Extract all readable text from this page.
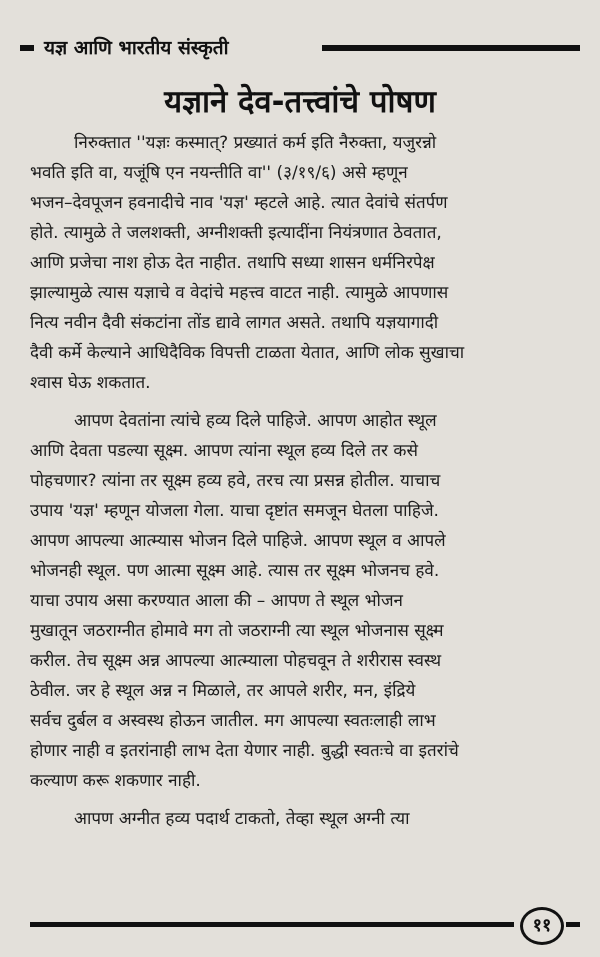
यज्ञ आणि भारतीय संस्कृती
यज्ञाने देव-तत्त्वांचे पोषण
निरुक्तात ''यज्ञः कस्मात्? प्रख्यातं कर्म इति नैरुक्ता, यजुरन्नो
भवति इति वा, यजूंषि एन नयन्तीति वा'' (३/१९/६) असे म्हणून
भजन–देवपूजन हवनादीचे नाव 'यज्ञ' म्हटले आहे. त्यात देवांचे संतर्पण
होते. त्यामुळे ते जलशक्ती, अग्नीशक्ती इत्यादींना नियंत्रणात ठेवतात,
आणि प्रजेचा नाश होऊ देत नाहीत. तथापि सध्या शासन धर्मनिरपेक्ष
झाल्यामुळे त्यास यज्ञाचे व वेदांचे महत्त्व वाटत नाही. त्यामुळे आपणास
नित्य नवीन दैवी संकटांना तोंड द्यावे लागत असते. तथापि यज्ञयागादी
दैवी कर्मे केल्याने आधिदैविक विपत्ती टाळता येतात, आणि लोक सुखाचा
श्वास घेऊ शकतात.
आपण देवतांना त्यांचे हव्य दिले पाहिजे. आपण आहोत स्थूल
आणि देवता पडल्या सूक्ष्म. आपण त्यांना स्थूल हव्य दिले तर कसे
पोहचणार? त्यांना तर सूक्ष्म हव्य हवे, तरच त्या प्रसन्न होतील. याचाच
उपाय 'यज्ञ' म्हणून योजला गेला. याचा दृष्टांत समजून घेतला पाहिजे.
आपण आपल्या आत्म्यास भोजन दिले पाहिजे. आपण स्थूल व आपले
भोजनही स्थूल. पण आत्मा सूक्ष्म आहे. त्यास तर सूक्ष्म भोजनच हवे.
याचा उपाय असा करण्यात आला की – आपण ते स्थूल भोजन
मुखातून जठराग्नीत होमावे मग तो जठराग्नी त्या स्थूल भोजनास सूक्ष्म
करील. तेच सूक्ष्म अन्न आपल्या आत्म्याला पोहचवून ते शरीरास स्वस्थ
ठेवील. जर हे स्थूल अन्न न मिळाले, तर आपले शरीर, मन, इंद्रिये
सर्वच दुर्बल व अस्वस्थ होऊन जातील. मग आपल्या स्वतःलाही लाभ
होणार नाही व इतरांनाही लाभ देता येणार नाही. बुद्धी स्वतःचे वा इतरांचे
कल्याण करू शकणार नाही.
आपण अग्नीत हव्य पदार्थ टाकतो, तेव्हा स्थूल अग्नी त्या
११
